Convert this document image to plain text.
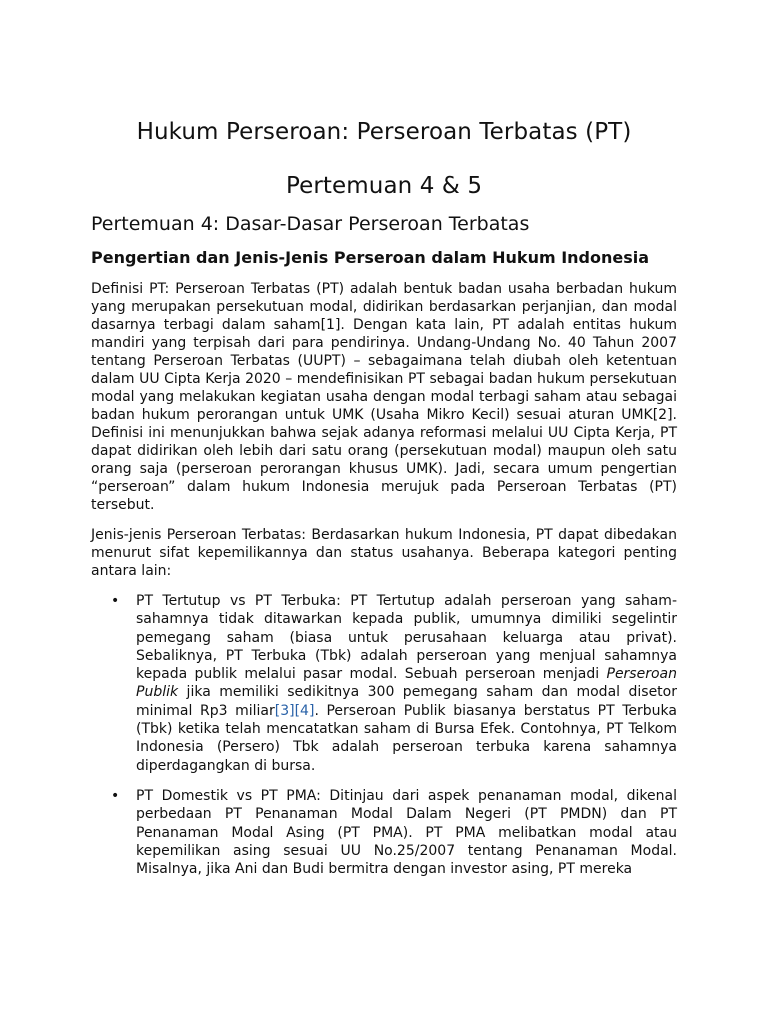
Hukum Perseroan: Perseroan Terbatas (PT)
Pertemuan 4 & 5
Pertemuan 4: Dasar-Dasar Perseroan Terbatas
Pengertian dan Jenis-Jenis Perseroan dalam Hukum Indonesia

Definisi PT: Perseroan Terbatas (PT) adalah bentuk badan usaha berbadan hukum yang merupakan persekutuan modal, didirikan berdasarkan perjanjian, dan modal dasarnya terbagi dalam saham[1]. Dengan kata lain, PT adalah entitas hukum mandiri yang terpisah dari para pendirinya. Undang-Undang No. 40 Tahun 2007 tentang Perseroan Terbatas (UUPT) – sebagaimana telah diubah oleh ketentuan dalam UU Cipta Kerja 2020 – mendefinisikan PT sebagai badan hukum persekutuan modal yang melakukan kegiatan usaha dengan modal terbagi saham atau sebagai badan hukum perorangan untuk UMK (Usaha Mikro Kecil) sesuai aturan UMK[2]. Definisi ini menunjukkan bahwa sejak adanya reformasi melalui UU Cipta Kerja, PT dapat didirikan oleh lebih dari satu orang (persekutuan modal) maupun oleh satu orang saja (perseroan perorangan khusus UMK). Jadi, secara umum pengertian “perseroan” dalam hukum Indonesia merujuk pada Perseroan Terbatas (PT) tersebut.

Jenis-jenis Perseroan Terbatas: Berdasarkan hukum Indonesia, PT dapat dibedakan menurut sifat kepemilikannya dan status usahanya. Beberapa kategori penting antara lain:

• PT Tertutup vs PT Terbuka: PT Tertutup adalah perseroan yang saham-sahamnya tidak ditawarkan kepada publik, umumnya dimiliki segelintir pemegang saham (biasa untuk perusahaan keluarga atau privat). Sebaliknya, PT Terbuka (Tbk) adalah perseroan yang menjual sahamnya kepada publik melalui pasar modal. Sebuah perseroan menjadi Perseroan Publik jika memiliki sedikitnya 300 pemegang saham dan modal disetor minimal Rp3 miliar[3][4]. Perseroan Publik biasanya berstatus PT Terbuka (Tbk) ketika telah mencatatkan saham di Bursa Efek. Contohnya, PT Telkom Indonesia (Persero) Tbk adalah perseroan terbuka karena sahamnya diperdagangkan di bursa.
• PT Domestik vs PT PMA: Ditinjau dari aspek penanaman modal, dikenal perbedaan PT Penanaman Modal Dalam Negeri (PT PMDN) dan PT Penanaman Modal Asing (PT PMA). PT PMA melibatkan modal atau kepemilikan asing sesuai UU No.25/2007 tentang Penanaman Modal. Misalnya, jika Ani dan Budi bermitra dengan investor asing, PT mereka
